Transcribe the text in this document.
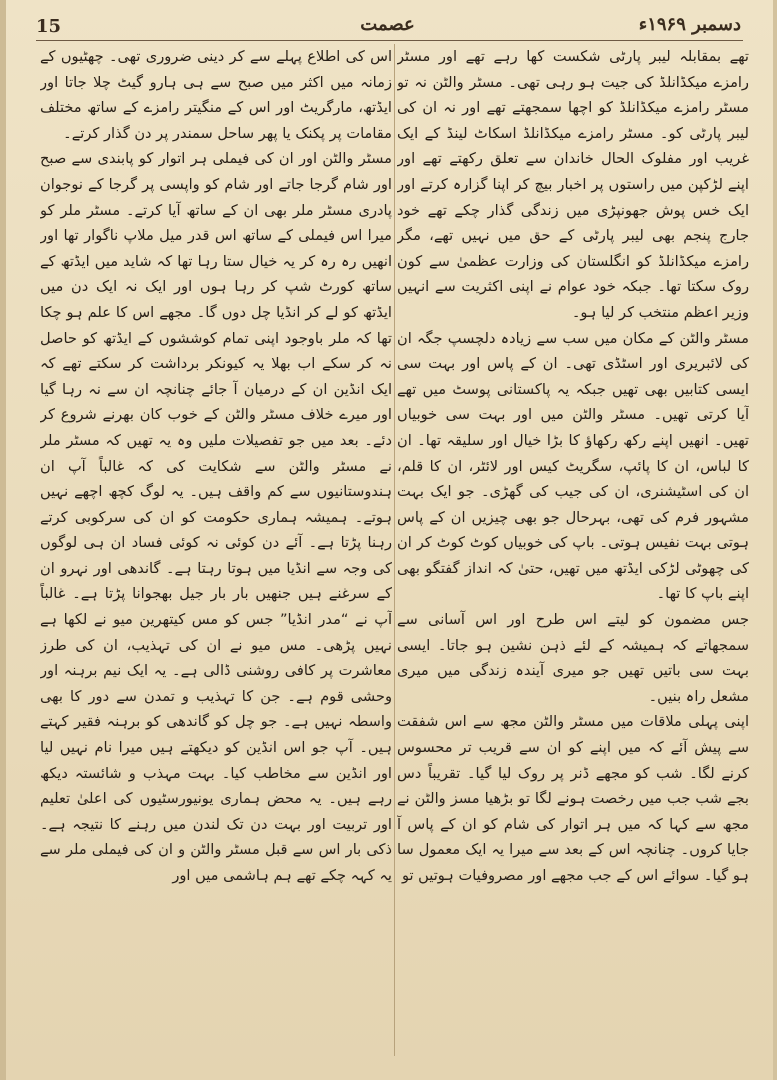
15	عصمت	دسمبر ۱۹۶۹ء

تھے بمقابلہ لیبر پارٹی شکست کھا رہے تھے اور مسٹر رامزے میکڈانلڈ کی جیت ہو رہی تھی۔ مسٹر والٹن نہ تو مسٹر رامزے میکڈانلڈ کو اچھا سمجھتے تھے اور نہ ان کی لیبر پارٹی کو۔ مسٹر رامزے میکڈانلڈ اسکاٹ لینڈ کے ایک غریب اور مفلوک الحال خاندان سے تعلق رکھتے تھے اور اپنے لڑکپن میں راستوں پر اخبار بیچ کر اپنا گزارہ کرتے اور ایک خس پوش جھونپڑی میں زندگی گذار چکے تھے خود جارج پنجم بھی لیبر پارٹی کے حق میں نہیں تھے، مگر رامزے میکڈانلڈ کو انگلستان کی وزارت عظمیٰ سے کون روک سکتا تھا۔ جبکہ خود عوام نے اپنی اکثریت سے انہیں وزیر اعظم منتخب کر لیا ہو۔

مسٹر والٹن کے مکان میں سب سے زیادہ دلچسپ جگہ ان کی لائبریری اور اسٹڈی تھی۔ ان کے پاس اور بہت سی ایسی کتابیں بھی تھیں جبکہ یہ پاکستانی پوسٹ میں تھے آیا کرتی تھیں۔ مسٹر والٹن میں اور بہت سی خوبیاں تھیں۔ انھیں اپنے رکھ رکھاؤ کا بڑا خیال اور سلیقہ تھا۔ ان کا لباس، ان کا پائپ، سگریٹ کیس اور لائٹر، ان کا قلم، ان کی اسٹیشنری، ان کی جیب کی گھڑی۔ جو ایک بہت مشہور فرم کی تھی، بہرحال جو بھی چیزیں ان کے پاس ہوتی بہت نفیس ہوتی۔ باپ کی خوبیاں کوٹ کوٹ کر ان کی چھوٹی لڑکی ایڈتھ میں تھیں، حتیٰ کہ انداز گفتگو بھی اپنے باپ کا تھا۔

جس مضمون کو لیتے اس طرح اور اس آسانی سے سمجھاتے کہ ہمیشہ کے لئے ذہن نشین ہو جاتا۔ ایسی بہت سی باتیں تھیں جو میری آیندہ زندگی میں میری مشعل راہ بنیں۔

اپنی پہلی ملاقات میں مسٹر والٹن مجھ سے اس شفقت سے پیش آئے کہ میں اپنے کو ان سے قریب تر محسوس کرنے لگا۔ شب کو مجھے ڈنر پر روک لیا گیا۔ تقریباً دس بجے شب جب میں رخصت ہونے لگا تو بڑھیا مسز والٹن نے مجھ سے کہا کہ میں ہر اتوار کی شام کو ان کے پاس آ جایا کروں۔ چنانچہ اس کے بعد سے میرا یہ ایک معمول سا ہو گیا۔ سوائے اس کے جب مجھے اور مصروفیات ہوتیں تو

اس کی اطلاع پہلے سے کر دینی ضروری تھی۔ چھٹیوں کے زمانہ میں اکثر میں صبح سے ہی ہارو گیٹ چلا جاتا اور ایڈتھ، مارگریٹ اور اس کے منگیتر رامزے کے ساتھ مختلف مقامات پر پکنک یا پھر ساحل سمندر پر دن گذار کرتے۔

مسٹر والٹن اور ان کی فیملی ہر اتوار کو پابندی سے صبح اور شام گرجا جاتے اور شام کو واپسی پر گرجا کے نوجوان پادری مسٹر ملر بھی ان کے ساتھ آیا کرتے۔ مسٹر ملر کو میرا اس فیملی کے ساتھ اس قدر میل ملاپ ناگوار تھا اور انھیں رہ رہ کر یہ خیال ستا رہا تھا کہ شاید میں ایڈتھ کے ساتھ کورٹ شپ کر رہا ہوں اور ایک نہ ایک دن میں ایڈتھ کو لے کر انڈیا چل دوں گا۔ مجھے اس کا علم ہو چکا تھا کہ ملر باوجود اپنی تمام کوششوں کے ایڈتھ کو حاصل نہ کر سکے اب بھلا یہ کیونکر برداشت کر سکتے تھے کہ ایک انڈین ان کے درمیان آ جائے چنانچہ ان سے نہ رہا گیا اور میرے خلاف مسٹر والٹن کے خوب کان بھرنے شروع کر دئے۔ بعد میں جو تفصیلات ملیں وہ یہ تھیں کہ مسٹر ملر نے مسٹر والٹن سے شکایت کی کہ غالباً آپ ان ہندوستانیوں سے کم واقف ہیں۔ یہ لوگ کچھ اچھے نہیں ہوتے۔ ہمیشہ ہماری حکومت کو ان کی سرکوبی کرتے رہنا پڑتا ہے۔ آئے دن کوئی نہ کوئی فساد ان ہی لوگوں کی وجہ سے انڈیا میں ہوتا رہتا ہے۔ گاندھی اور نہرو ان کے سرغنے ہیں جنھیں بار بار جیل بھجوانا پڑتا ہے۔ غالباً آپ نے “مدر انڈیا” جس کو مس کیتھرین میو نے لکھا ہے نہیں پڑھی۔ مس میو نے ان کی تہذیب، ان کی طرز معاشرت پر کافی روشنی ڈالی ہے۔ یہ ایک نیم برہنہ اور وحشی قوم ہے۔ جن کا تہذیب و تمدن سے دور کا بھی واسطہ نہیں ہے۔ جو چل کو گاندھی کو برہنہ فقیر کہتے ہیں۔ آپ جو اس انڈین کو دیکھتے ہیں میرا نام نہیں لیا اور انڈین سے مخاطب کیا۔ بہت مہذب و شائستہ دیکھ رہے ہیں۔ یہ محض ہماری یونیورسٹیوں کی اعلیٰ تعلیم اور تربیت اور بہت دن تک لندن میں رہنے کا نتیجہ ہے۔ ذکی بار اس سے قبل مسٹر والٹن و ان کی فیملی ملر سے یہ کہہ چکے تھے ہم ہاشمی میں اور
